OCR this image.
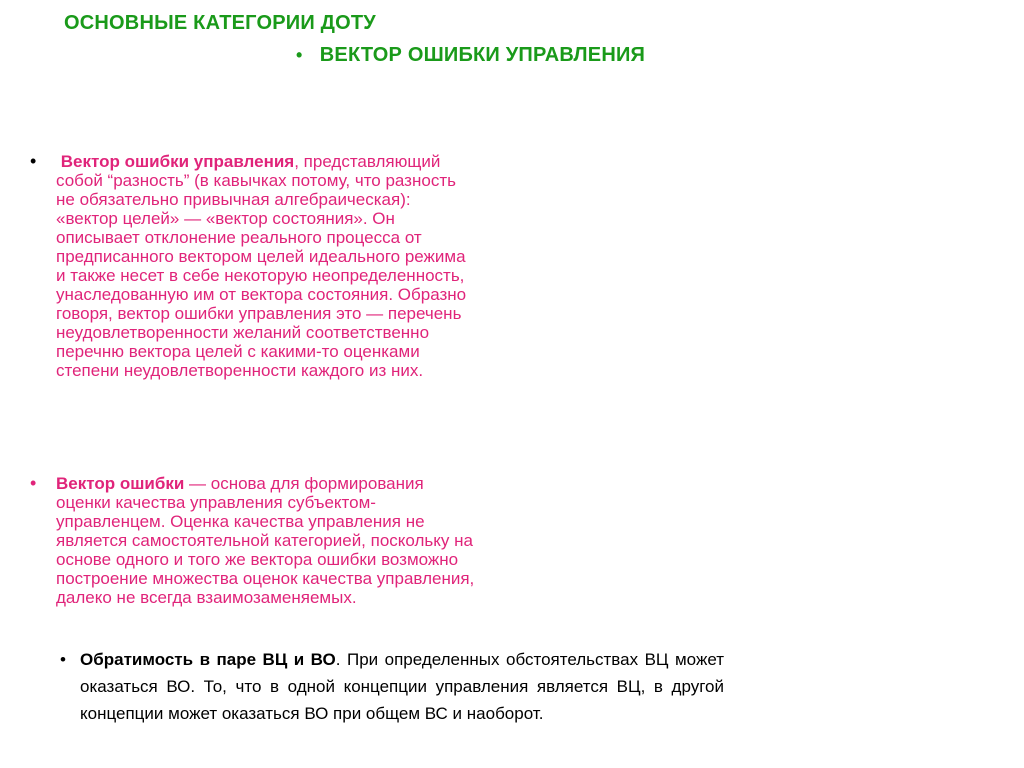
ОСНОВНЫЕ КАТЕГОРИИ ДОТУ
• ВЕКТОР ОШИБКИ УПРАВЛЕНИЯ
• Вектор ошибки управления, представляющий собой “разность” (в кавычках потому, что разность не обязательно привычная алгебраическая): «вектор целей» — «вектор состояния». Он описывает отклонение реального процесса от предписанного вектором целей идеального режима и также несет в себе некоторую неопределенность, унаследованную им от вектора состояния. Образно говоря, вектор ошибки управления это — перечень неудовлетворенности желаний соответственно перечню вектора целей с какими-то оценками степени неудовлетворенности каждого из них.
• Вектор ошибки — основа для формирования оценки качества управления субъектом-управленцем. Оценка качества управления не является самостоятельной категорией, поскольку на основе одного и того же вектора ошибки возможно построение множества оценок качества управления, далеко не всегда взаимозаменяемых.
• Обратимость в паре ВЦ и ВО. При определенных обстоятельствах ВЦ может оказаться ВО. То, что в одной концепции управления является ВЦ, в другой концепции может оказаться ВО при общем ВС и наоборот.
